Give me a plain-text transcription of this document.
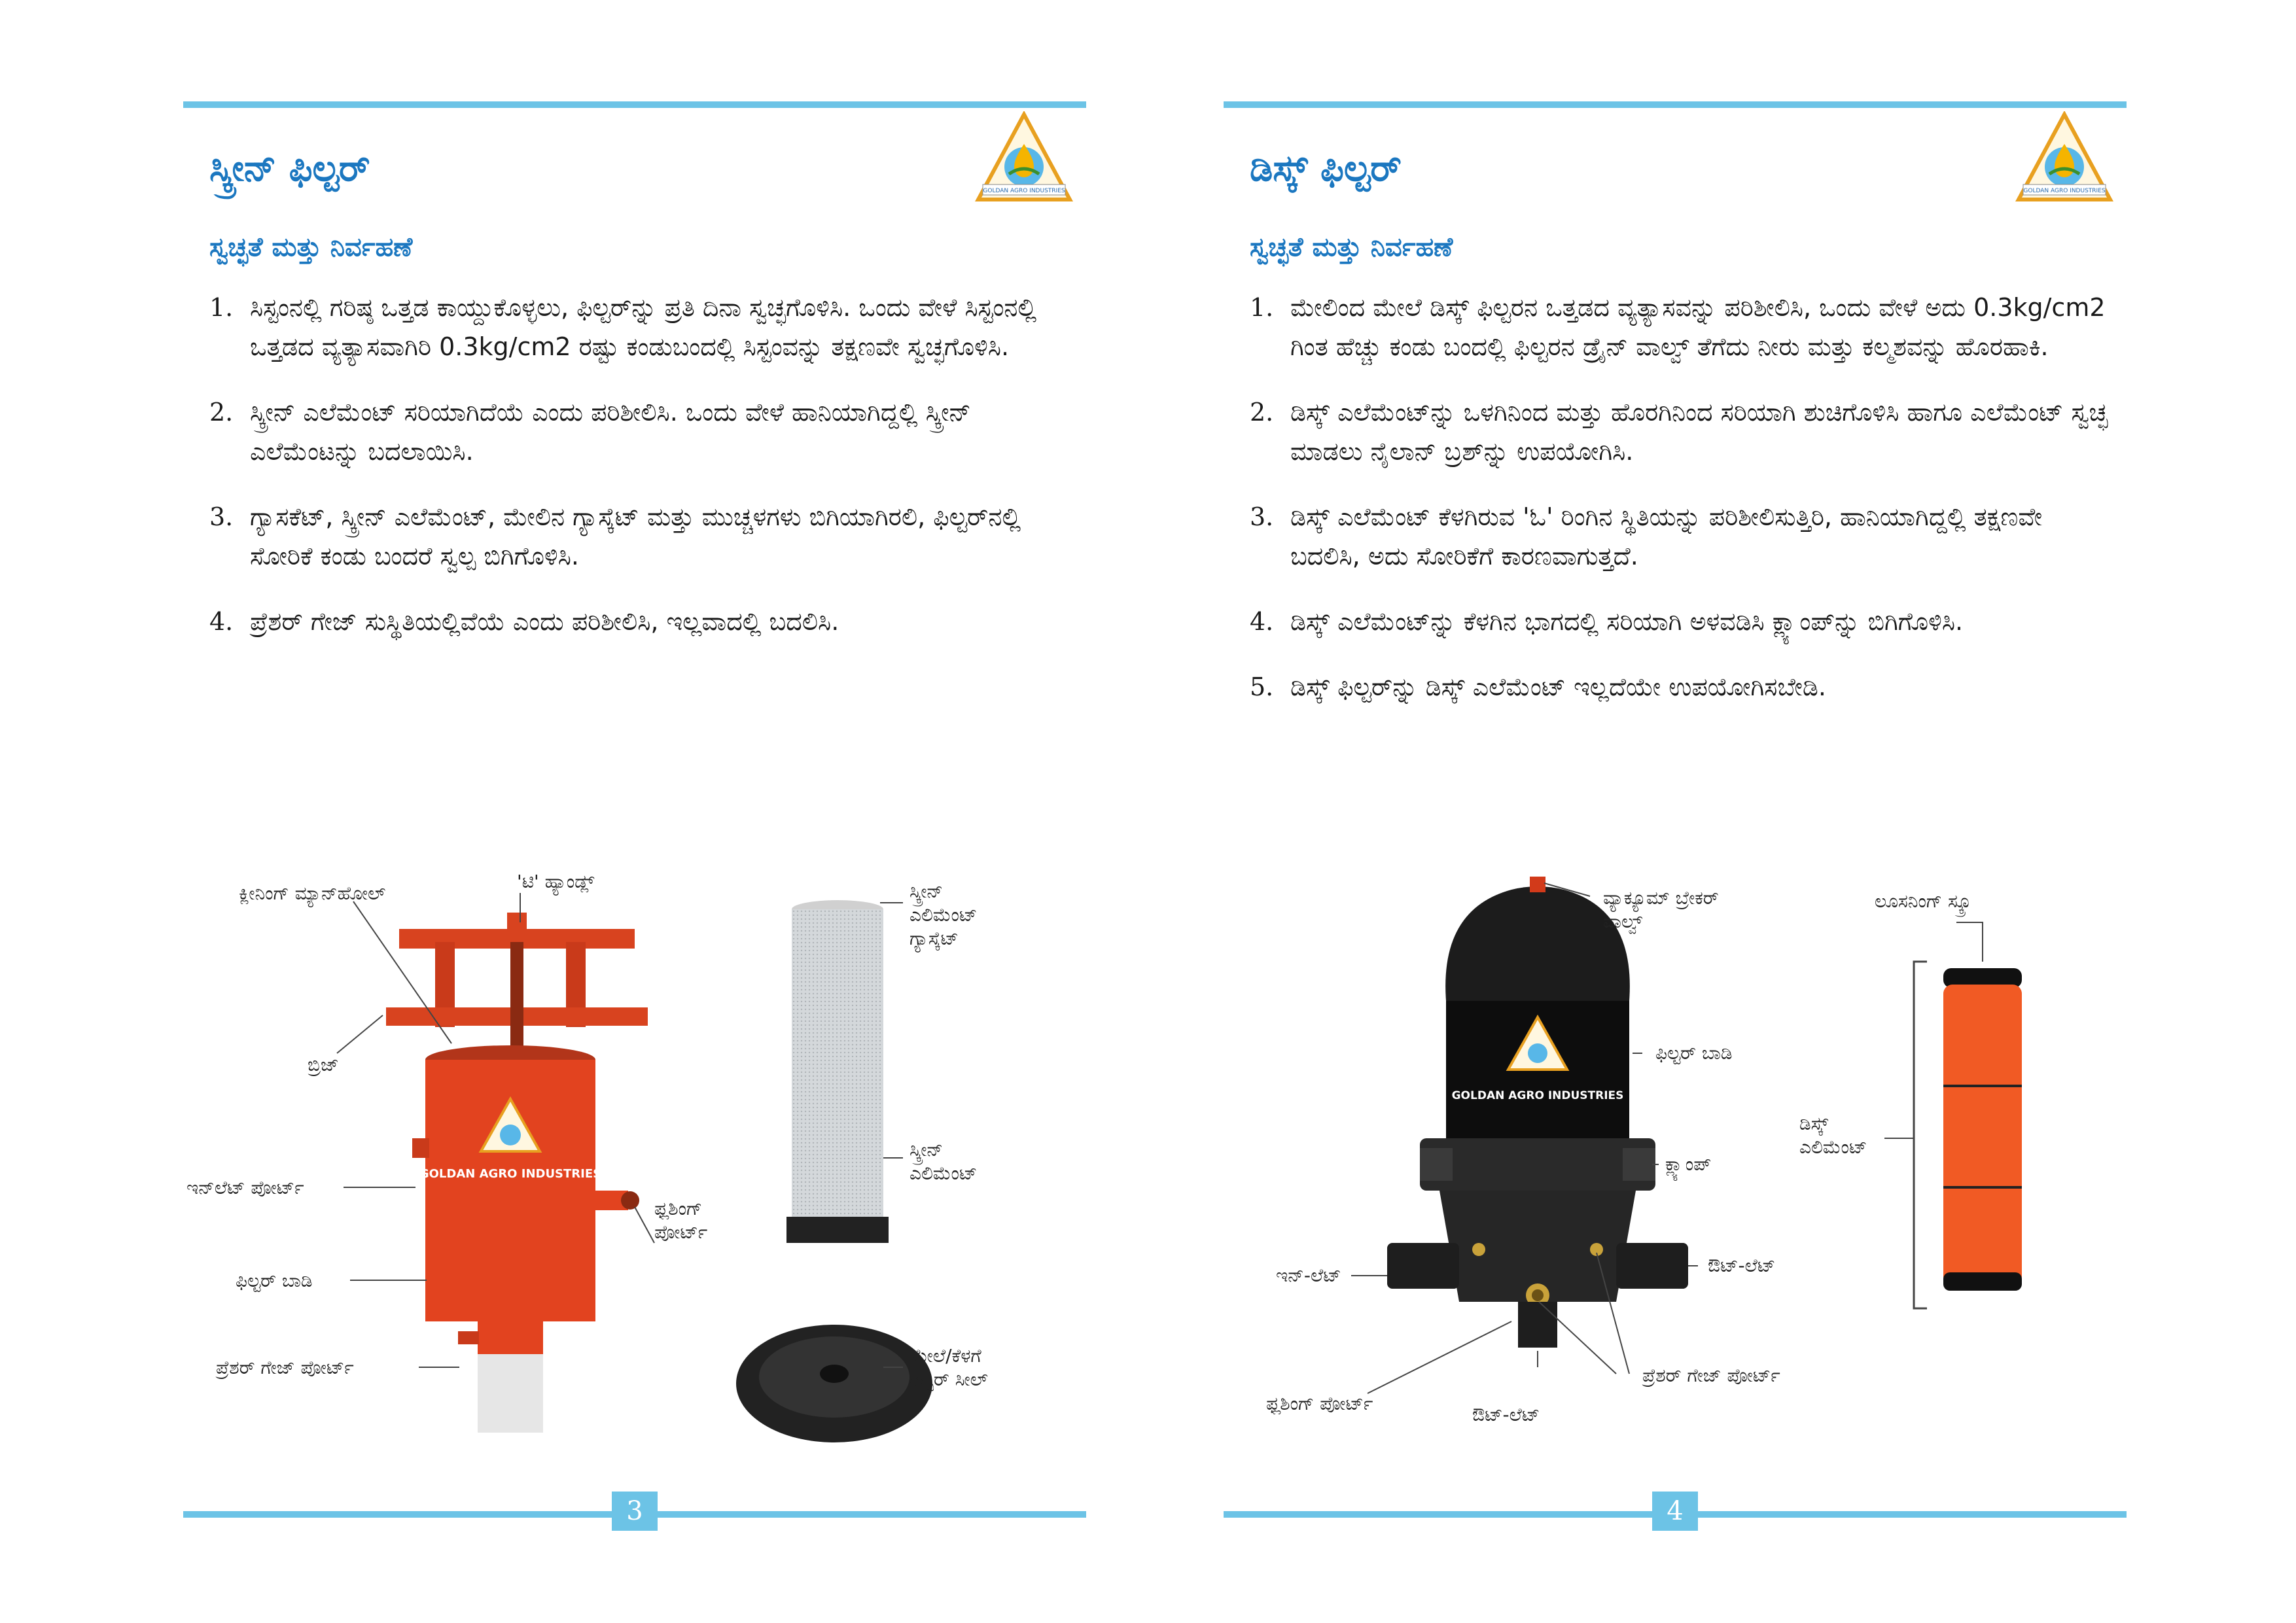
GOLDAN AGRO INDUSTRIES
ಸ್ಕ್ರೀನ್ ಫಿಲ್ಟರ್
ಸ್ವಚ್ಛತೆ ಮತ್ತು ನಿರ್ವಹಣೆ
1. ಸಿಸ್ಟಂನಲ್ಲಿ ಗರಿಷ್ಠ ಒತ್ತಡ ಕಾಯ್ದುಕೊಳ್ಳಲು, ಫಿಲ್ಟರ್‌ನ್ನು ಪ್ರತಿ ದಿನಾ ಸ್ವಚ್ಛಗೊಳಿಸಿ. ಒಂದು ವೇಳೆ ಸಿಸ್ಟಂನಲ್ಲಿ ಒತ್ತಡದ ವ್ಯತ್ಯಾಸವಾಗಿರಿ 0.3kg/cm2 ರಷ್ಟು ಕಂಡುಬಂದಲ್ಲಿ ಸಿಸ್ಟಂವನ್ನು ತಕ್ಷಣವೇ ಸ್ವಚ್ಛಗೊಳಿಸಿ.
2. ಸ್ಕ್ರೀನ್ ಎಲೆಮೆಂಟ್ ಸರಿಯಾಗಿದೆಯೆ ಎಂದು ಪರಿಶೀಲಿಸಿ. ಒಂದು ವೇಳೆ ಹಾನಿಯಾಗಿದ್ದಲ್ಲಿ ಸ್ಕ್ರೀನ್ ಎಲೆಮೆಂಟನ್ನು ಬದಲಾಯಿಸಿ.
3. ಗ್ಯಾಸಕೆಟ್, ಸ್ಕ್ರೀನ್ ಎಲೆಮೆಂಟ್, ಮೇಲಿನ ಗ್ಯಾಸ್ಕೆಟ್ ಮತ್ತು ಮುಚ್ಚಳಗಳು ಬಿಗಿಯಾಗಿರಲಿ, ಫಿಲ್ಟರ್‌ನಲ್ಲಿ ಸೋರಿಕೆ ಕಂಡು ಬಂದರೆ ಸ್ವಲ್ಪ ಬಿಗಿಗೊಳಿಸಿ.
4. ಪ್ರೆಶರ್ ಗೇಜ್ ಸುಸ್ಥಿತಿಯಲ್ಲಿವೆಯೆ ಎಂದು ಪರಿಶೀಲಿಸಿ, ಇಲ್ಲವಾದಲ್ಲಿ ಬದಲಿಸಿ.
GOLDAN AGRO INDUSTRIES
ಕ್ಲೀನಿಂಗ್ ಮ್ಯಾನ್‌ಹೋಲ್
'ಟಿ' ಹ್ಯಾಂಡ್ಲ್
ಬ್ರಿಜ್
ಇನ್‌ಲೆಟ್ ಪೋರ್ಟ್
ಫಿಲ್ಟರ್ ಬಾಡಿ
ಪ್ರೆಶರ್ ಗೇಜ್ ಪೋರ್ಟ್
ಫ್ಲಶಿಂಗ್ ಪೋರ್ಟ್
ಸ್ಕ್ರೀನ್ ಎಲಿಮೆಂಟ್ ಗ್ಯಾಸ್ಕೆಟ್
ಸ್ಕ್ರೀನ್ ಎಲಿಮೆಂಟ್
ಮೇಲೆ/ಕೆಳಗೆ ರಬ್ಬರ್ ಸೀಲ್
3
GOLDAN AGRO INDUSTRIES
ಡಿಸ್ಕ್ ಫಿಲ್ಟರ್
ಸ್ವಚ್ಛತೆ ಮತ್ತು ನಿರ್ವಹಣೆ
1. ಮೇಲಿಂದ ಮೇಲೆ ಡಿಸ್ಕ್ ಫಿಲ್ಟರನ ಒತ್ತಡದ ವ್ಯತ್ಯಾಸವನ್ನು ಪರಿಶೀಲಿಸಿ, ಒಂದು ವೇಳೆ ಅದು 0.3kg/cm2 ಗಿಂತ ಹೆಚ್ಚು ಕಂಡು ಬಂದಲ್ಲಿ ಫಿಲ್ಟರನ ಡ್ರೈನ್ ವಾಲ್ವ್ ತೆಗೆದು ನೀರು ಮತ್ತು ಕಲ್ಮಶವನ್ನು ಹೊರಹಾಕಿ.
2. ಡಿಸ್ಕ್ ಎಲೆಮೆಂಟ್‌ನ್ನು ಒಳಗಿನಿಂದ ಮತ್ತು ಹೊರಗಿನಿಂದ ಸರಿಯಾಗಿ ಶುಚಿಗೊಳಿಸಿ ಹಾಗೂ ಎಲೆಮೆಂಟ್ ಸ್ವಚ್ಛ ಮಾಡಲು ನೈಲಾನ್ ಬ್ರಶ್‌ನ್ನು ಉಪಯೋಗಿಸಿ.
3. ಡಿಸ್ಕ್ ಎಲೆಮೆಂಟ್ ಕೆಳಗಿರುವ 'ಓ' ರಿಂಗಿನ ಸ್ಥಿತಿಯನ್ನು ಪರಿಶೀಲಿಸುತ್ತಿರಿ, ಹಾನಿಯಾಗಿದ್ದಲ್ಲಿ ತಕ್ಷಣವೇ ಬದಲಿಸಿ, ಅದು ಸೋರಿಕೆಗೆ ಕಾರಣವಾಗುತ್ತದೆ.
4. ಡಿಸ್ಕ್ ಎಲೆಮೆಂಟ್‌ನ್ನು ಕೆಳಗಿನ ಭಾಗದಲ್ಲಿ ಸರಿಯಾಗಿ ಅಳವಡಿಸಿ ಕ್ಲ್ಯಾಂಪ್‌ನ್ನು ಬಿಗಿಗೊಳಿಸಿ.
5. ಡಿಸ್ಕ್ ಫಿಲ್ಟರ್‌ನ್ನು ಡಿಸ್ಕ್ ಎಲೆಮೆಂಟ್ ಇಲ್ಲದೆಯೇ ಉಪಯೋಗಿಸಬೇಡಿ.
GOLDAN AGRO INDUSTRIES
ವ್ಯಾಕ್ಯೂಮ್ ಬ್ರೇಕರ್ ವಾಲ್ವ್
ಫಿಲ್ಟರ್ ಬಾಡಿ
ಕ್ಲ್ಯಾಂಪ್
ಇನ್-ಲೆಟ್	ಔಟ್-ಲೆಟ್
ಪ್ರೆಶರ್ ಗೇಜ್ ಪೋರ್ಟ್
ಫ್ಲಶಿಂಗ್ ಪೋರ್ಟ್
ಔಟ್-ಲೆಟ್
ಲೂಸನಿಂಗ್ ಸ್ಕ್ರೂ
ಡಿಸ್ಕ್ ಎಲಿಮೆಂಟ್
4
